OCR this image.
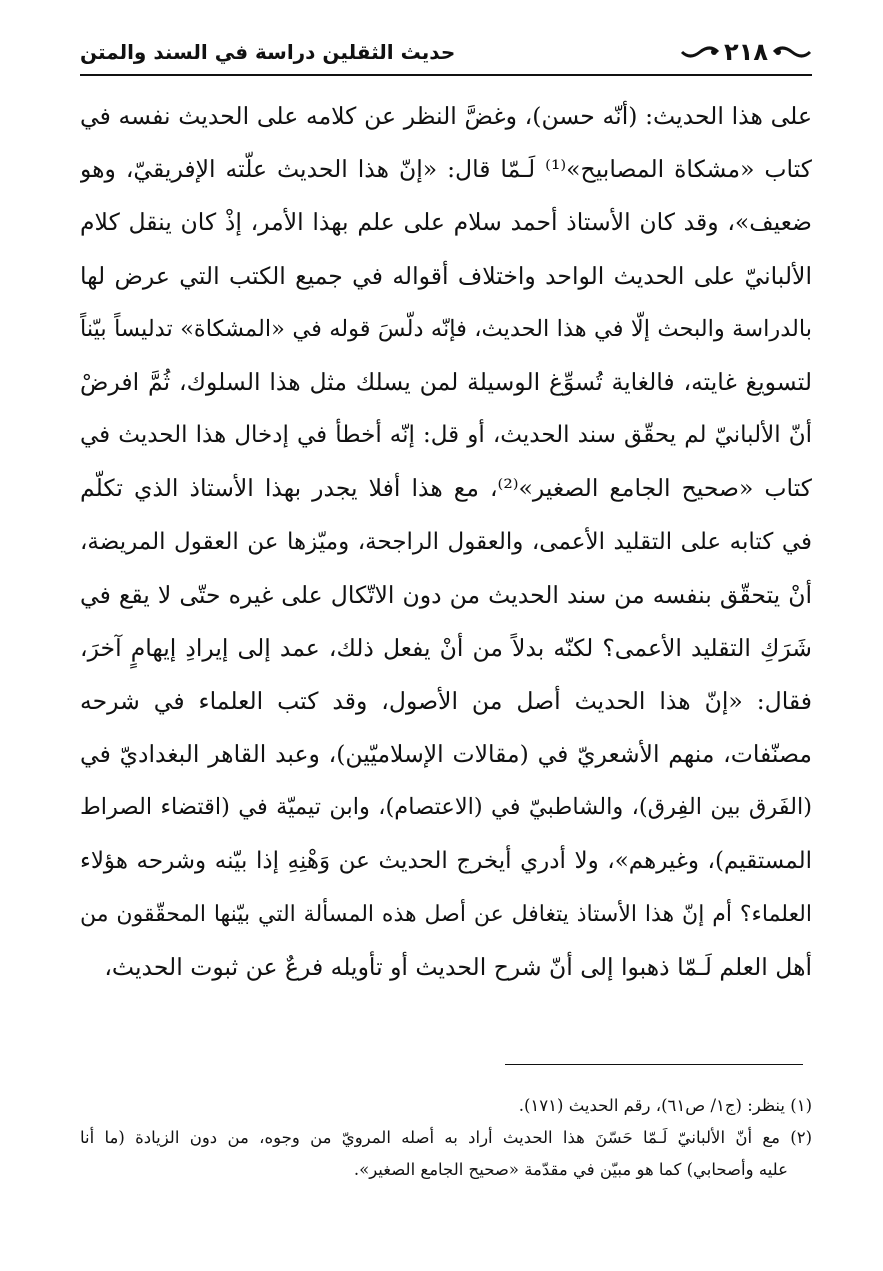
٢١٨
حديث الثقلين دراسة في السند والمتن
على هذا الحديث: (أنّه حسن)، وغضَّ النظر عن كلامه على الحديث نفسه في
كتاب «مشكاة المصابيح»⁽¹⁾ لَـمّا قال: «إنّ هذا الحديث علّته الإفريقيّ، وهو
ضعيف»، وقد كان الأستاذ أحمد سلام على علم بهذا الأمر، إذْ كان ينقل كلام
الألبانيّ على الحديث الواحد واختلاف أقواله في جميع الكتب التي عرض لها
بالدراسة والبحث إلّا في هذا الحديث، فإنّه دلّسَ قوله في «المشكاة» تدليساً بيّناً
لتسويغ غايته، فالغاية تُسوِّغ الوسيلة لمن يسلك مثل هذا السلوك، ثُمَّ افرضْ
أنّ الألبانيّ لم يحقّق سند الحديث، أو قل: إنّه أخطأ في إدخال هذا الحديث في
كتاب «صحيح الجامع الصغير»⁽²⁾، مع هذا أفلا يجدر بهذا الأستاذ الذي تكلّم
في كتابه على التقليد الأعمى، والعقول الراجحة، وميّزها عن العقول المريضة،
أنْ يتحقّق بنفسه من سند الحديث من دون الاتّكال على غيره حتّى لا يقع في
شَرَكِ التقليد الأعمى؟ لكنّه بدلاً من أنْ يفعل ذلك، عمد إلى إيرادِ إيهامٍ آخرَ،
فقال: «إنّ هذا الحديث أصل من الأصول، وقد كتب العلماء في شرحه
مصنّفات، منهم الأشعريّ في (مقالات الإسلاميّين)، وعبد القاهر البغداديّ في
(الفَرق بين الفِرق)، والشاطبيّ في (الاعتصام)، وابن تيميّة في (اقتضاء الصراط
المستقيم)، وغيرهم»، ولا أدري أيخرج الحديث عن وَهْنِهِ إذا بيّنه وشرحه هؤلاء
العلماء؟ أم إنّ هذا الأستاذ يتغافل عن أصل هذه المسألة التي بيّنها المحقّقون من
أهل العلم لَـمّا ذهبوا إلى أنّ شرح الحديث أو تأويله فرعٌ عن ثبوت الحديث،
(١) ينظر: (ج١/ ص٦١)، رقم الحديث (١٧١).
(٢) مع أنّ الألبانيّ لَـمّا حَسّنَ هذا الحديث أراد به أصله المرويّ من وجوه، من دون الزيادة (ما أنا
عليه وأصحابي) كما هو مبيّن في مقدّمة «صحيح الجامع الصغير».
